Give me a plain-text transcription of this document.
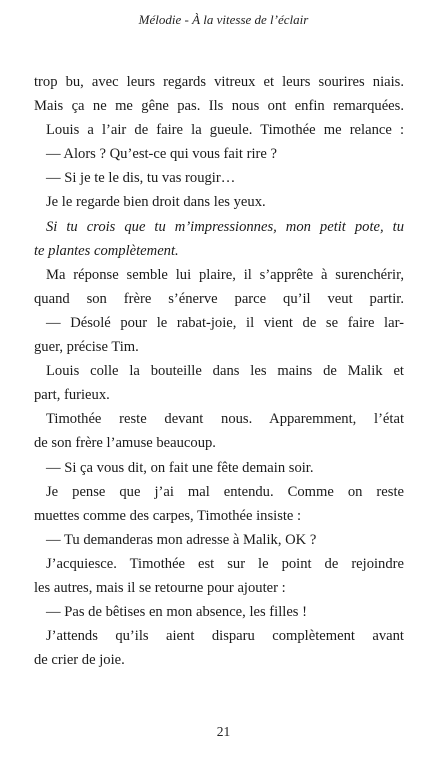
Mélodie - À la vitesse de l’éclair
trop bu, avec leurs regards vitreux et leurs sourires niais.
Mais ça ne me gêne pas. Ils nous ont enfin remarquées.
Louis a l’air de faire la gueule. Timothée me relance :
— Alors ? Qu’est-ce qui vous fait rire ?
— Si je te le dis, tu vas rougir…
Je le regarde bien droit dans les yeux.
Si tu crois que tu m’impressionnes, mon petit pote, tu
te plantes complètement.
Ma réponse semble lui plaire, il s’apprête à surenchérir,
quand son frère s’énerve parce qu’il veut partir.
— Désolé pour le rabat-joie, il vient de se faire lar-
guer, précise Tim.
Louis colle la bouteille dans les mains de Malik et
part, furieux.
Timothée reste devant nous. Apparemment, l’état
de son frère l’amuse beaucoup.
— Si ça vous dit, on fait une fête demain soir.
Je pense que j’ai mal entendu. Comme on reste
muettes comme des carpes, Timothée insiste :
— Tu demanderas mon adresse à Malik, OK ?
J’acquiesce. Timothée est sur le point de rejoindre
les autres, mais il se retourne pour ajouter :
— Pas de bêtises en mon absence, les filles !
J’attends qu’ils aient disparu complètement avant
de crier de joie.
21
